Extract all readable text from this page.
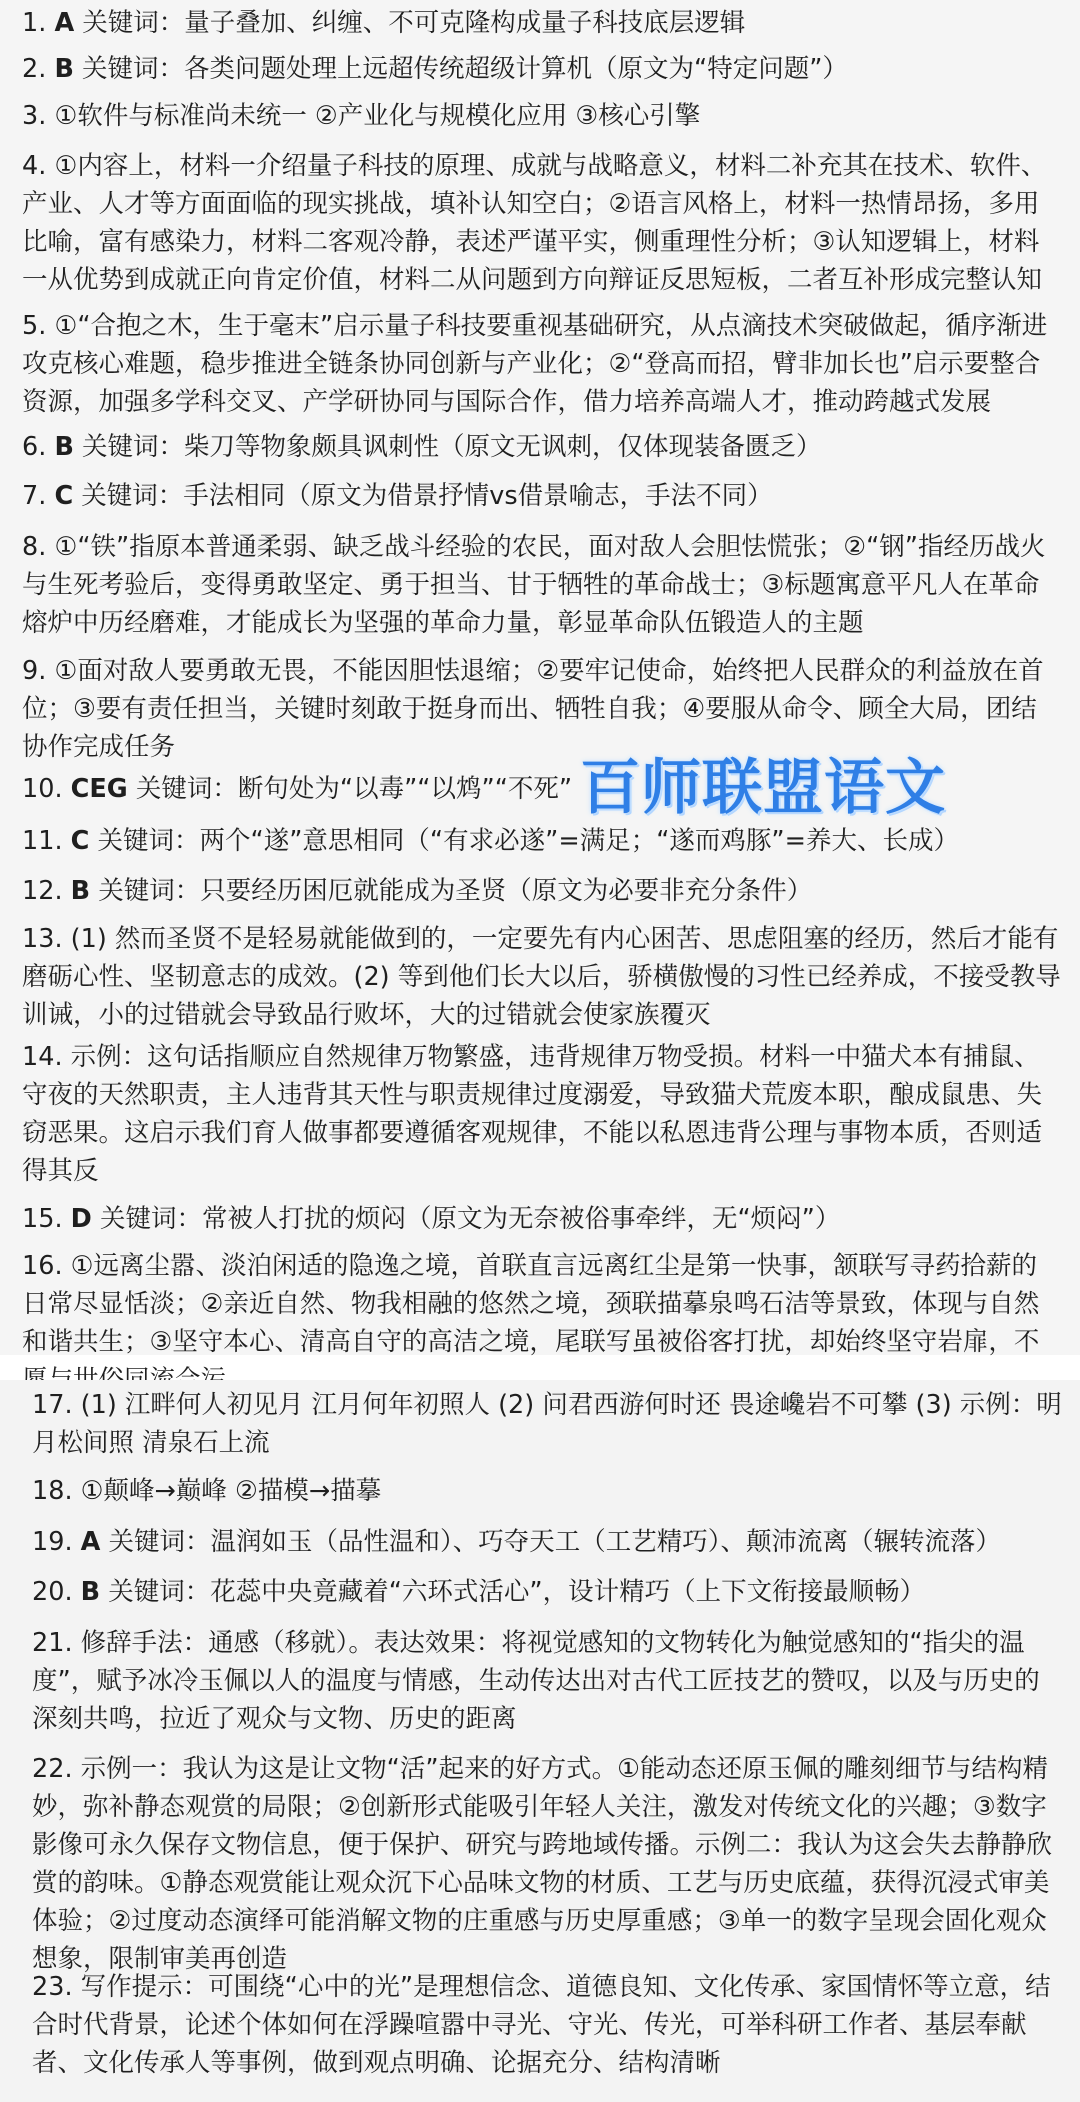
1. A 关键词：量子叠加、纠缠、不可克隆构成量子科技底层逻辑
2. B 关键词：各类问题处理上远超传统超级计算机（原文为“特定问题”）
3. ①软件与标准尚未统一 ②产业化与规模化应用 ③核心引擎
4. ①内容上，材料一介绍量子科技的原理、成就与战略意义，材料二补充其在技术、软件、产业、人才等方面面临的现实挑战，填补认知空白；②语言风格上，材料一热情昂扬，多用比喻，富有感染力，材料二客观冷静，表述严谨平实，侧重理性分析；③认知逻辑上，材料一从优势到成就正向肯定价值，材料二从问题到方向辩证反思短板，二者互补形成完整认知
5. ①“合抱之木，生于毫末”启示量子科技要重视基础研究，从点滴技术突破做起，循序渐进攻克核心难题，稳步推进全链条协同创新与产业化；②“登高而招，臂非加长也”启示要整合资源，加强多学科交叉、产学研协同与国际合作，借力培养高端人才，推动跨越式发展
6. B 关键词：柴刀等物象颇具讽刺性（原文无讽刺，仅体现装备匮乏）
7. C 关键词：手法相同（原文为借景抒情vs借景喻志，手法不同）
8. ①“铁”指原本普通柔弱、缺乏战斗经验的农民，面对敌人会胆怯慌张；②“钢”指经历战火与生死考验后，变得勇敢坚定、勇于担当、甘于牺牲的革命战士；③标题寓意平凡人在革命熔炉中历经磨难，才能成长为坚强的革命力量，彰显革命队伍锻造人的主题
9. ①面对敌人要勇敢无畏，不能因胆怯退缩；②要牢记使命，始终把人民群众的利益放在首位；③要有责任担当，关键时刻敢于挺身而出、牺牲自我；④要服从命令、顾全大局，团结协作完成任务
10. CEG 关键词：断句处为“以毒”“以鸩”“不死”
11. C 关键词：两个“遂”意思相同（“有求必遂”=满足；“遂而鸡豚”=养大、长成）
12. B 关键词：只要经历困厄就能成为圣贤（原文为必要非充分条件）
13. (1) 然而圣贤不是轻易就能做到的，一定要先有内心困苦、思虑阻塞的经历，然后才能有磨砺心性、坚韧意志的成效。(2) 等到他们长大以后，骄横傲慢的习性已经养成，不接受教导训诫，小的过错就会导致品行败坏，大的过错就会使家族覆灭
14. 示例：这句话指顺应自然规律万物繁盛，违背规律万物受损。材料一中猫犬本有捕鼠、守夜的天然职责，主人违背其天性与职责规律过度溺爱，导致猫犬荒废本职，酿成鼠患、失窃恶果。这启示我们育人做事都要遵循客观规律，不能以私恩违背公理与事物本质，否则适得其反
15. D 关键词：常被人打扰的烦闷（原文为无奈被俗事牵绊，无“烦闷”）
16. ①远离尘嚣、淡泊闲适的隐逸之境，首联直言远离红尘是第一快事，颔联写寻药拾薪的日常尽显恬淡；②亲近自然、物我相融的悠然之境，颈联描摹泉鸣石洁等景致，体现与自然和谐共生；③坚守本心、清高自守的高洁之境，尾联写虽被俗客打扰，却始终坚守岩扉，不
百师联盟语文
17. (1) 江畔何人初见月 江月何年初照人 (2) 问君西游何时还 畏途巉岩不可攀 (3) 示例：明月松间照 清泉石上流
18. ①颠峰→巅峰 ②描模→描摹
19. A 关键词：温润如玉（品性温和）、巧夺天工（工艺精巧）、颠沛流离（辗转流落）
20. B 关键词：花蕊中央竟藏着“六环式活心”，设计精巧（上下文衔接最顺畅）
21. 修辞手法：通感（移就）。表达效果：将视觉感知的文物转化为触觉感知的“指尖的温度”，赋予冰冷玉佩以人的温度与情感，生动传达出对古代工匠技艺的赞叹，以及与历史的深刻共鸣，拉近了观众与文物、历史的距离
22. 示例一：我认为这是让文物“活”起来的好方式。①能动态还原玉佩的雕刻细节与结构精妙，弥补静态观赏的局限；②创新形式能吸引年轻人关注，激发对传统文化的兴趣；③数字影像可永久保存文物信息，便于保护、研究与跨地域传播。示例二：我认为这会失去静静欣赏的韵味。①静态观赏能让观众沉下心品味文物的材质、工艺与历史底蕴，获得沉浸式审美体验；②过度动态演绎可能消解文物的庄重感与历史厚重感；③单一的数字呈现会固化观众想象，限制审美再创造
23. 写作提示：可围绕“心中的光”是理想信念、道德良知、文化传承、家国情怀等立意，结合时代背景，论述个体如何在浮躁喧嚣中寻光、守光、传光，可举科研工作者、基层奉献者、文化传承人等事例，做到观点明确、论据充分、结构清晰
